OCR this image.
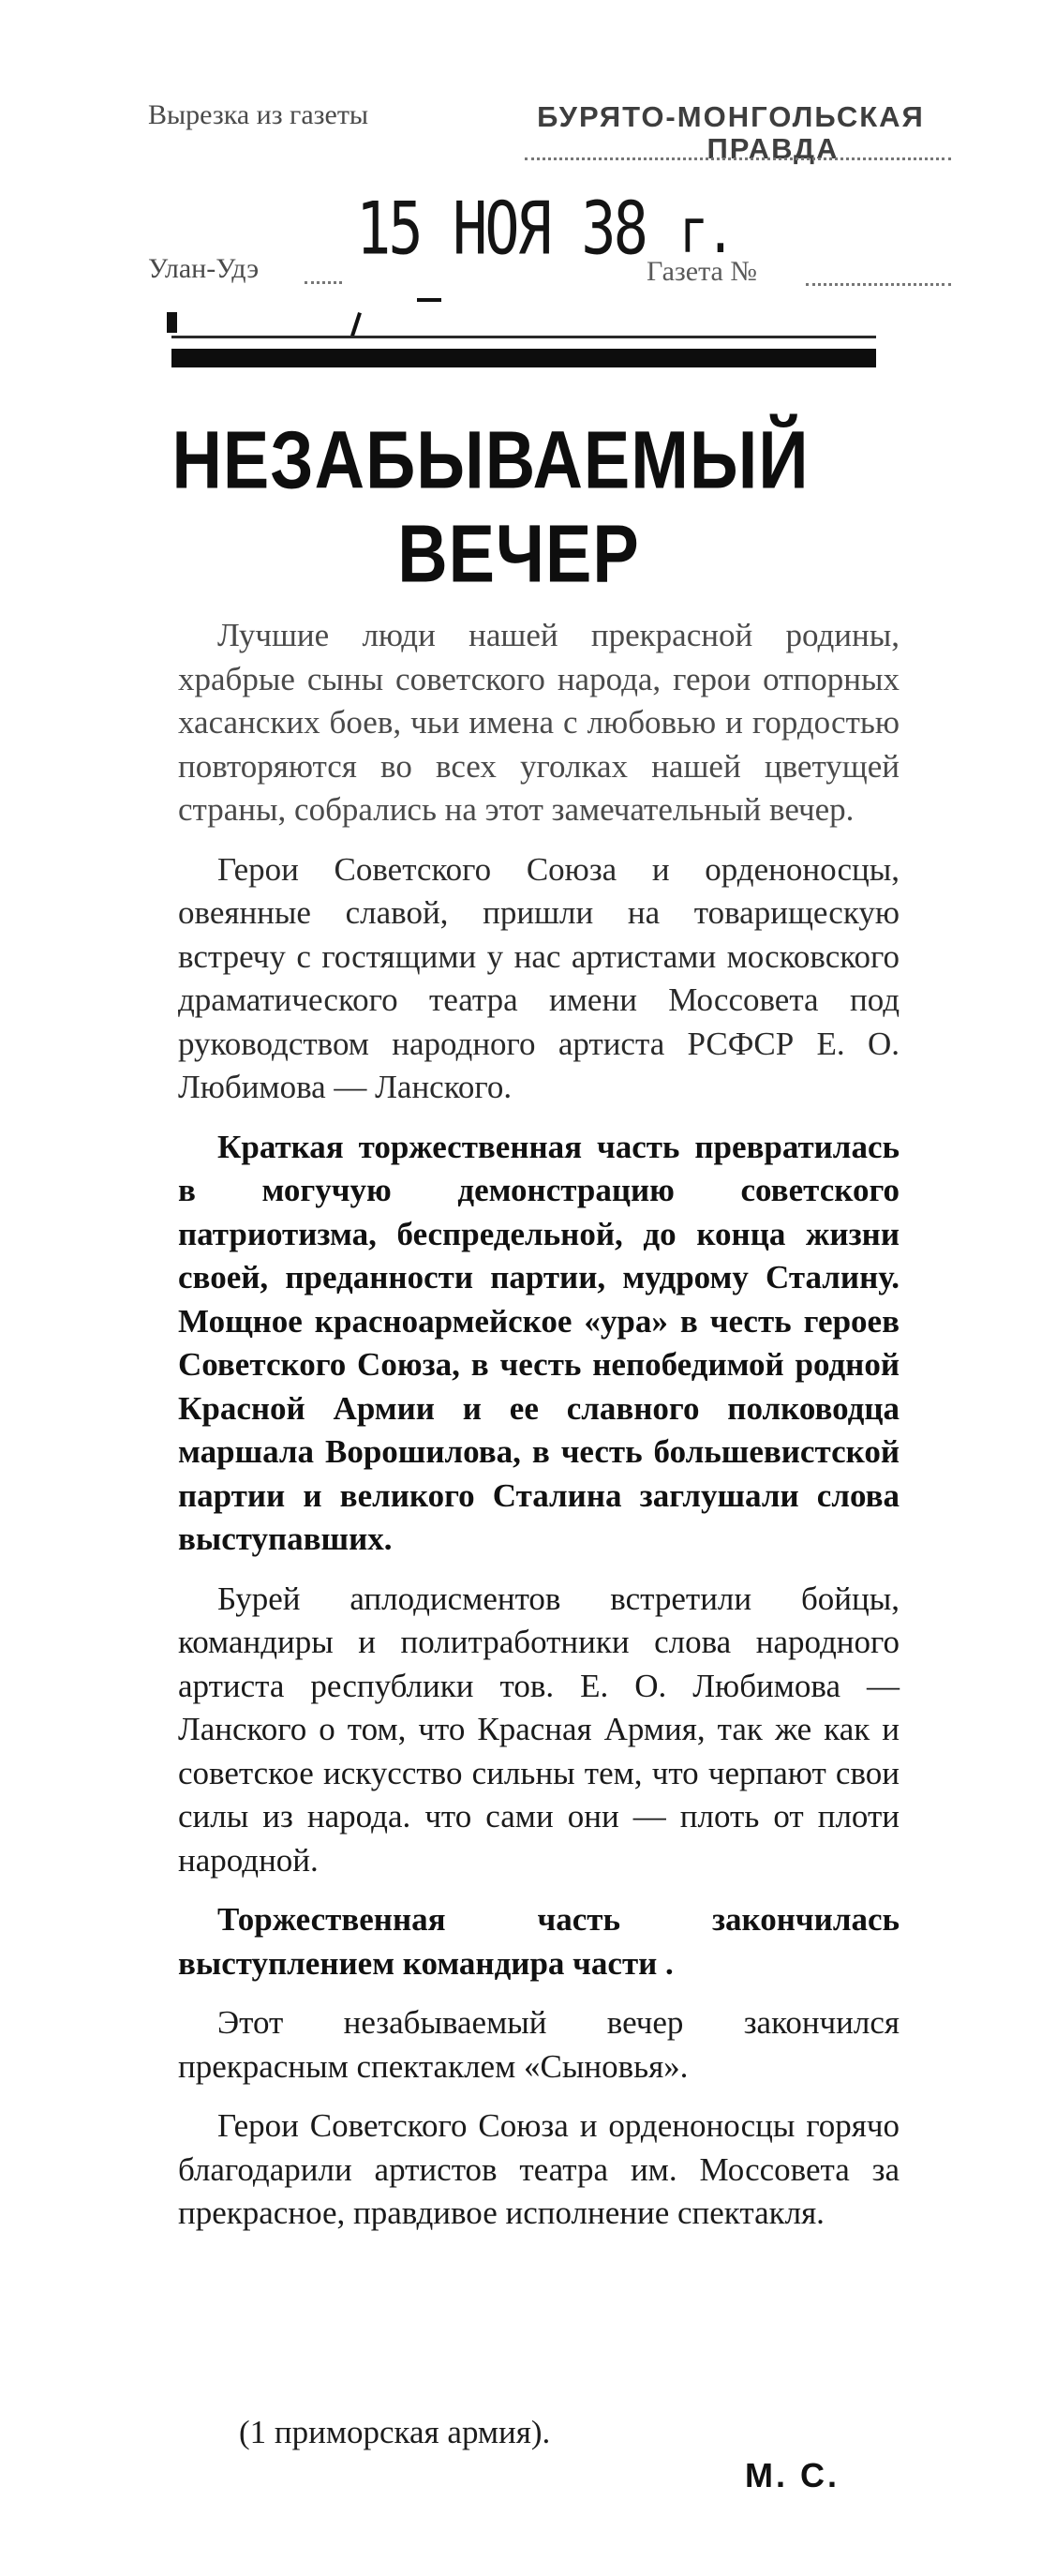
Вырезка из газеты	БУРЯТО-МОНГОЛЬСКАЯ
ПРАВДА
15 НОЯ 38 г.
Улан-Удэ	Газета №
НЕЗАБЫВАЕМЫЙ
ВЕЧЕР

Лучшие люди нашей прекрасной родины, храбрые сыны советского народа, герои отпорных хасанских боев, чьи имена с любовью и гордостью повторяются во всех уголках нашей цветущей страны, собрались на этот замечательный вечер.

Герои Советского Союза и орденоносцы, овеянные славой, пришли на товарищескую встречу с гостящими у нас артистами московского драматического театра имени Моссовета под руководством народного артиста РСФСР Е. О. Любимова — Ланского.

Краткая торжественная часть превратилась в могучую демонстрацию советского патриотизма, беспредельной, до конца жизни своей, преданности партии, мудрому Сталину. Мощное красноармейское «ура» в честь героев Советского Союза, в честь непобедимой родной Красной Армии и ее славного полководца маршала Ворошилова, в честь большевистской партии и великого Сталина заглушали слова выступавших.

Бурей аплодисментов встретили бойцы, командиры и политработники слова народного артиста республики тов. Е. О. Любимова — Ланского о том, что Красная Армия, так же как и советское искусство сильны тем, что черпают свои силы из народа. что сами они — плоть от плоти народной.

Торжественная часть закончилась выступлением командира части .

Этот незабываемый вечер закончился прекрасным спектаклем «Сыновья».

Герои Советского Союза и орденоносцы горячо благодарили артистов театра им. Моссовета за прекрасное, правдивое исполнение спектакля.

(1 приморская армия).
М. С.
